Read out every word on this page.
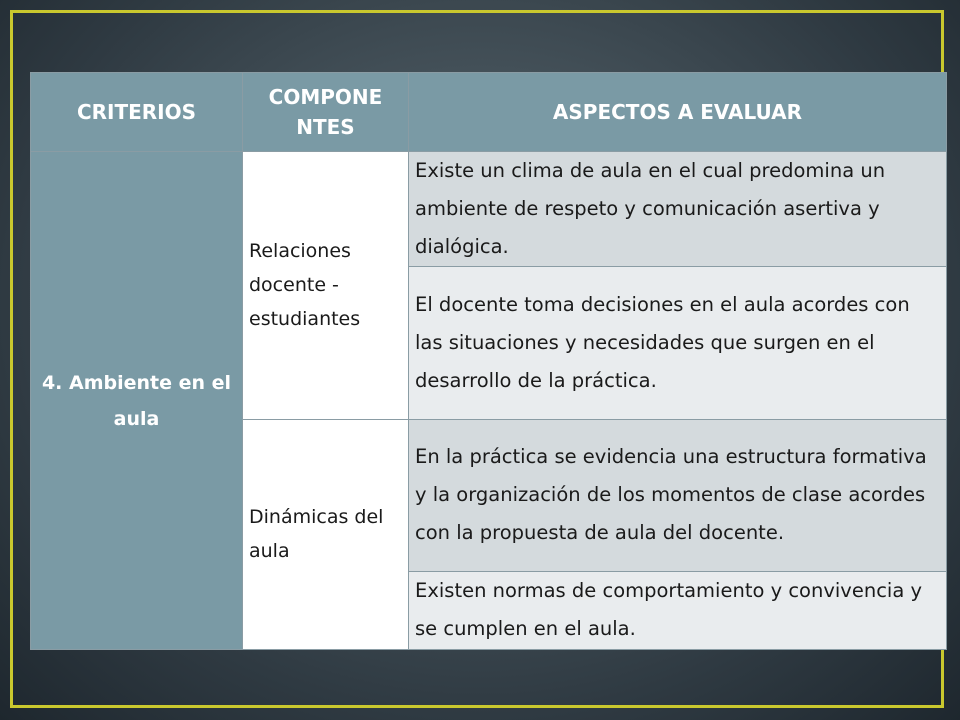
CRITERIOS	COMPONE NTES	ASPECTOS A EVALUAR
4. Ambiente en el aula	Relaciones docente - estudiantes	Existe un clima de aula en el cual predomina un ambiente de respeto y comunicación asertiva y dialógica.
		El docente toma decisiones en el aula acordes con las situaciones y necesidades que surgen en el desarrollo de la práctica.
	Dinámicas del aula	En la práctica se evidencia una estructura formativa y la organización de los momentos de clase acordes con la propuesta de aula del docente.
		Existen normas de comportamiento y convivencia y se cumplen en el aula.
